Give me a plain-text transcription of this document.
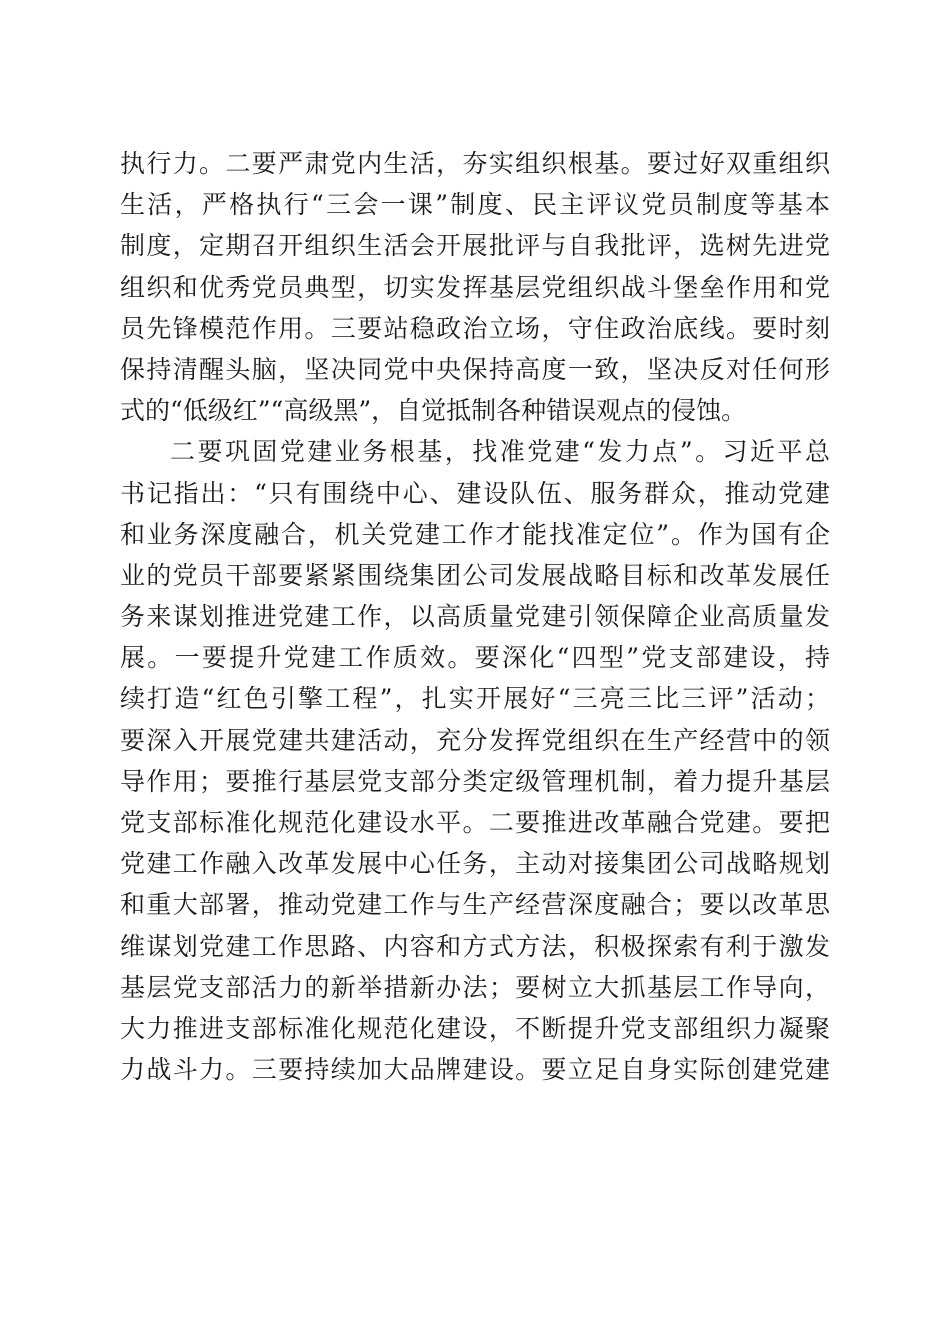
执行力。二要严肃党内生活，夯实组织根基。要过好双重组织
生活，严格执行“三会一课”制度、民主评议党员制度等基本
制度，定期召开组织生活会开展批评与自我批评，选树先进党
组织和优秀党员典型，切实发挥基层党组织战斗堡垒作用和党
员先锋模范作用。三要站稳政治立场，守住政治底线。要时刻
保持清醒头脑，坚决同党中央保持高度一致，坚决反对任何形
式的“低级红”“高级黑”，自觉抵制各种错误观点的侵蚀。
二要巩固党建业务根基，找准党建“发力点”。习近平总
书记指出：“只有围绕中心、建设队伍、服务群众，推动党建
和业务深度融合，机关党建工作才能找准定位”。作为国有企
业的党员干部要紧紧围绕集团公司发展战略目标和改革发展任
务来谋划推进党建工作，以高质量党建引领保障企业高质量发
展。一要提升党建工作质效。要深化“四型”党支部建设，持
续打造“红色引擎工程”，扎实开展好“三亮三比三评”活动；
要深入开展党建共建活动，充分发挥党组织在生产经营中的领
导作用；要推行基层党支部分类定级管理机制，着力提升基层
党支部标准化规范化建设水平。二要推进改革融合党建。要把
党建工作融入改革发展中心任务，主动对接集团公司战略规划
和重大部署，推动党建工作与生产经营深度融合；要以改革思
维谋划党建工作思路、内容和方式方法，积极探索有利于激发
基层党支部活力的新举措新办法；要树立大抓基层工作导向，
大力推进支部标准化规范化建设，不断提升党支部组织力凝聚
力战斗力。三要持续加大品牌建设。要立足自身实际创建党建
